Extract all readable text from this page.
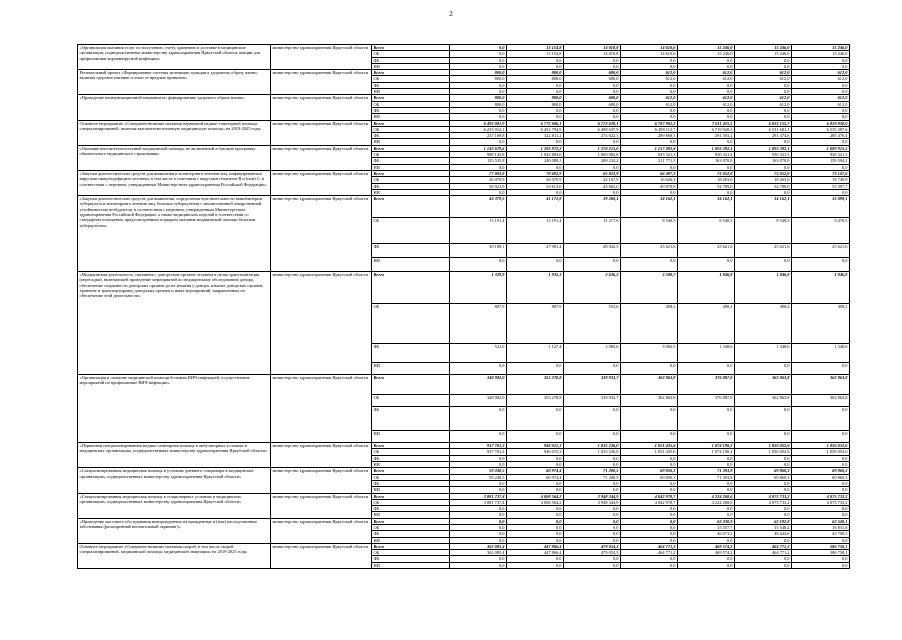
2
«Организация оказания услуг по получению, учету, хранению и доставке в медицинские организации, подведомственные министерству здравоохранения Иркутской области, вакцин для профилактики коронавирусной инфекции»	министерство здравоохранения Иркутской области	Всего	0,0	13 154,8	14 018,8	14 610,6	15 246,0	15 246,0	15 246,0
		ОБ	0,0	13 154,8	14 018,8	14 610,6	15 246,0	15 246,0	15 246,0
		ФБ	0,0	0,0	0,0	0,0	0,0	0,0	0,0
		НИ	0,0	0,0	0,0	0,0	0,0	0,0	0,0
Региональный проект «Формирование системы мотивации граждан к здоровому образу жизни, включая здоровое питание и отказ от вредных привычек»	министерство здравоохранения Иркутской области	Всего	800,0	800,0	680,0	612,0	612,0	612,0	612,0
		ОБ	800,0	800,0	680,0	612,0	612,0	612,0	612,0
		ФБ	0,0	0,0	0,0	0,0	0,0	0,0	0,0
		НИ	0,0	0,0	0,0	0,0	0,0	0,0	0,0
«Проведение коммуникационной кампании по формированию здорового образа жизни»	министерство здравоохранения Иркутской области	Всего	800,0	800,0	680,0	612,0	612,0	612,0	612,0
		ОБ	800,0	800,0	680,0	612,0	612,0	612,0	612,0
		ФБ	0,0	0,0	0,0	0,0	0,0	0,0	0,0
		НИ	0,0	0,0	0,0	0,0	0,0	0,0	0,0
Основное мероприятие «Совершенствование оказания первичной медико-санитарной помощи, специализированной, включая высокотехнологичную медицинскую помощь» на 2019-2025 годы	министерство здравоохранения Иркутской области	Всего	6 493 081,9	6 775 606,1	6 772 639,1	6 787 901,2	7 011 425,5	6 823 155,7	6 820 858,0
		ОБ	6 255 912,1	6 452 794,9	6 498 637,9	6 498 112,7	6 719 920,3	6 531 681,1	6 535 387,6
		ФБ	237 169,8	322 811,2	274 022,3	289 868,5	291 503,2	291 474,6	285 470,4
		НИ	0,0	0,0	0,0	0,0	0,0	0,0	0,0
«Оказание высокотехнологичной медицинской помощи, не включенной в базовую программу обязательного медицинского страхования»	министерство здравоохранения Иркутской области	Всего	1 143 679,6	1 283 972,2	1 270 215,0	1 157 092,8	1 093 392,1	1 093 392,1	1 089 915,5
		ОБ	988 143,8	1 043 883,0	1 069 982,8	945 321,3	930 321,3	930 321,3	930 321,3
		ФБ	155 535,8	240 089,2	200 232,2	211 771,5	163 070,8	163 070,8	159 594,2
		НИ	0,0	0,0	0,0	0,0	0,0	0,0	0,0
«Закупки диагностических средств для выявления и мониторинга лечения лиц, инфицированных вирусами иммунодефицита человека, в том числе в сочетании с вирусами гепатитов В и (или) С, в соответствии с перечнем, утвержденным Министерством здравоохранения Российской Федерации»	министерство здравоохранения Иркутской области	Всего	77 003,8	79 692,9	65 832,9	66 497,2	73 052,0	73 052,0	73 147,6
		ОБ	26 079,9	26 079,9	22 167,9	16 626,3	18 263,0	18 263,0	19 749,9
		ФБ	50 923,9	53 613,0	43 665,0	49 870,9	54 789,0	54 789,0	53 397,7
		НИ	0,0	0,0	0,0	0,0	0,0	0,0	0,0
«Закупки диагностических средств для выявления, определения чувствительности микобактерии туберкулеза и мониторинга лечения лиц, больных туберкулезом с множественной лекарственной устойчивостью возбудителя, в соответствии с перечнем, утвержденным Министерством здравоохранения Российской Федерации, а также медицинских изделий в соответствии со стандартом оснащения, предусмотренным порядком оказания медицинской помощи больным туберкулезом»	министерство здравоохранения Иркутской области	Всего	43 379,5	41 172,8	39 260,1	34 162,1	34 162,1	34 162,1	35 098,1
		ОБ	13 191,4	13 191,4	11 217,6	8 540,5	8 540,5	8 540,5	9 476,5
		ФБ	30 188,1	27 981,4	28 042,5	25 621,6	25 621,6	25 621,6	25 621,6
		НИ	0,0	0,0	0,0	0,0	0,0	0,0	0,0
«Медицинская деятельность, связанная с донорством органов человека в целях трансплантации (пересадки), включающей проведение мероприятий по медицинскому обследованию донора, обеспечение сохранности донорских органов до их изъятия у донора, изъятие донорских органов, хранение и транспортировку донорских органов и иных мероприятий, направленных на обеспечение этой деятельности»	министерство здравоохранения Иркутской области	Всего	1 329,9	1 935,3	2 636,2	3 500,7	1 846,8	1 846,8	1 846,8
		ОБ	807,9	807,9	553,6	498,2	498,2	498,2	498,2
		ФБ	522,0	1 127,4	2 082,6	3 002,5	1 348,6	1 348,6	1 348,6
		НИ	0,0	0,0	0,0	0,0	0,0	0,0	0,0
«Организация и оказание медицинской помощи больным ВИЧ-инфекцией, осуществление мероприятий по профилактике ВИЧ-инфекции»	министерство здравоохранения Иркутской области	Всего	348 982,0	353 278,8	339 933,7	362 863,8	376 887,0	362 863,8	362 863,8
		ОБ	348 982,0	353 278,8	339 933,7	362 863,8	376 887,0	362 863,8	362 863,8
		ФБ	0,0	0,0	0,0	0,0	0,0	0,0	0,0
		НИ	0,0	0,0	0,0	0,0	0,0	0,0	0,0
«Первичная специализированная медико-санитарная помощь в амбулаторных условиях в медицинских организациях, подведомственных министерству здравоохранения Иркутской области»	министерство здравоохранения Иркутской области	Всего	937 701,2	946 015,3	1 035 236,0	1 051 435,6	1 074 190,2	1 050 052,6	1 050 052,6
		ОБ	937 701,2	946 015,3	1 035 236,0	1 051 435,6	1 074 190,2	1 050 052,6	1 050 052,6
		ФБ	0,0	0,0	0,0	0,0	0,0	0,0	0,0
		НИ	0,0	0,0	0,0	0,0	0,0	0,0	0,0
«Специализированная медицинская помощь в условиях дневного стационара в медицинских организациях, подведомственных министерству здравоохранения Иркутской области»	министерство здравоохранения Иркутской области	Всего	59 248,5	60 974,4	71 200,5	69 850,3	71 393,8	69 860,3	69 860,3
		ОБ	59 248,5	60 974,4	71 200,5	69 850,3	71 393,8	69 860,3	69 860,3
		ФБ	0,0	0,0	0,0	0,0	0,0	0,0	0,0
		НИ	0,0	0,0	0,0	0,0	0,0	0,0	0,0
«Специализированная медицинская помощь в стационарных условиях в медицинских организациях, подведомственных министерству здравоохранения Иркутской области»	министерство здравоохранения Иркутской области	Всего	3 881 737,4	4 008 564,2	3 948 344,9	4 042 978,7	4 224 268,6	4 075 733,2	4 075 733,2
		ОБ	3 881 737,4	4 008 564,2	3 948 344,9	4 042 978,7	4 224 268,6	4 075 733,2	4 075 733,2
		ФБ	0,0	0,0	0,0	0,0	0,0	0,0	0,0
		НИ	0,0	0,0	0,0	0,0	0,0	0,0	0,0
«Проведение массового обследования новорожденных на врожденные и (или) наследственные заболевания (расширенный неонатальный скрининг)»	министерство здравоохранения Иркутской области	Всего	0,0	0,0	0,0	0,0	62 230,9	62 192,8	62 540,1
		ОБ	0,0	0,0	0,0	0,0	15 557,7	15 548,2	16 831,8
		ФБ	0,0	0,0	0,0	0,0	46 673,2	46 644,6	45 708,3
		НИ	0,0	0,0	0,0	0,0	0,0	0,0	0,0
Основное мероприятие «Совершенствование оказания скорой, в том числе скорой специализированной, медицинской помощи, медицинской эвакуации» на 2019-2025 годы	министерство здравоохранения Иркутской области	Всего	362 085,4	447 866,4	479 054,3	464 771,2	469 574,2	464 771,2	586 758,1
		ОБ	362 085,4	447 866,4	479 054,3	464 771,2	469 574,2	464 771,2	586 758,1
		ФБ	0,0	0,0	0,0	0,0	0,0	0,0	0,0
		НИ	0,0	0,0	0,0	0,0	0,0	0,0	0,0
